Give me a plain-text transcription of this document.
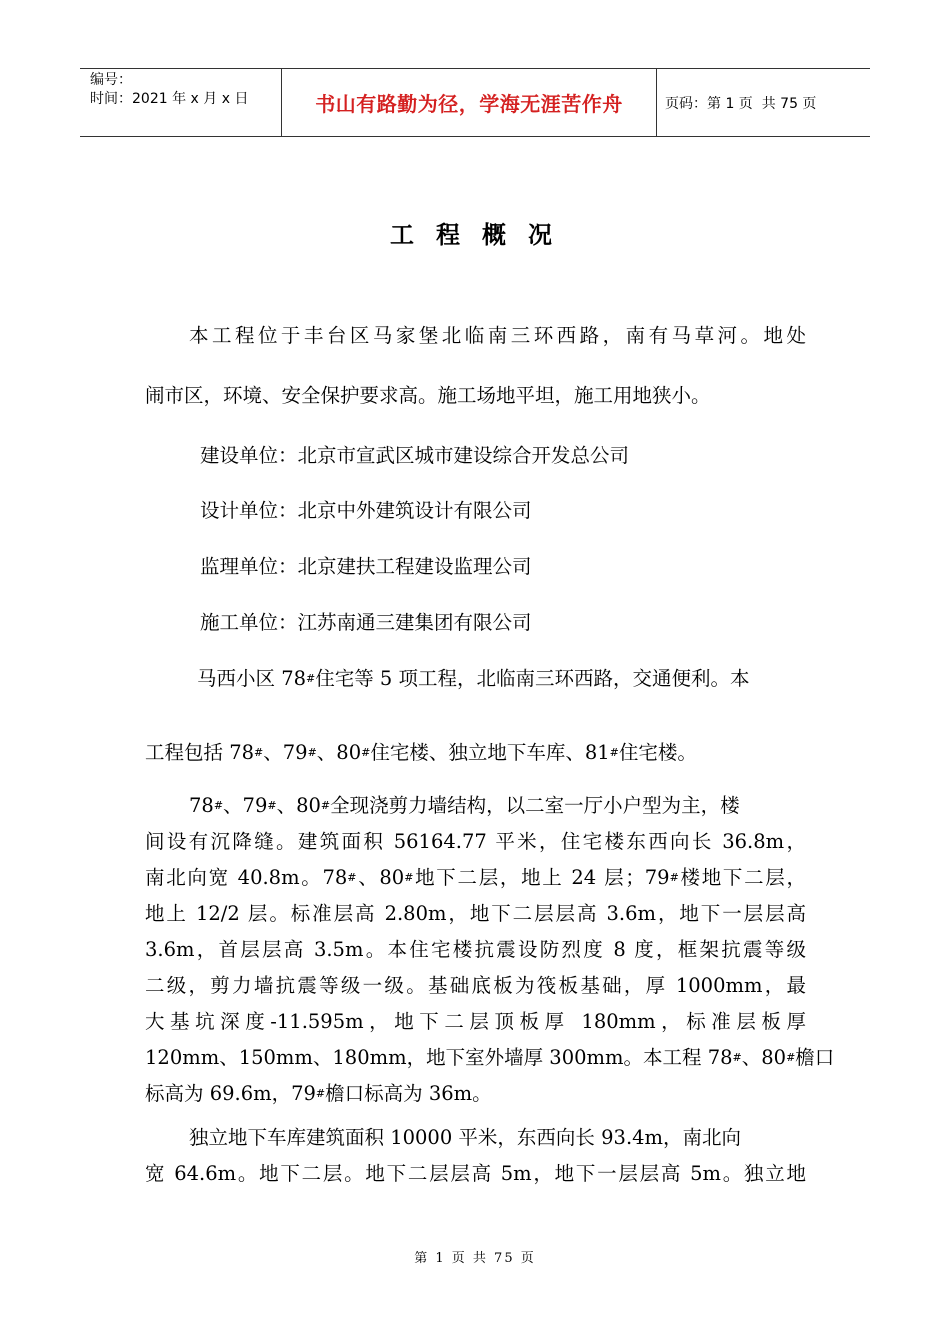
编号：
时间：2021 年 x 月 x 日	书山有路勤为径，学海无涯苦作舟	页码：第 1 页  共 75 页
工程概况
本工程位于丰台区马家堡北临南三环西路，南有马草河。地处
闹市区，环境、安全保护要求高。施工场地平坦，施工用地狭小。
建设单位：北京市宣武区城市建设综合开发总公司
设计单位：北京中外建筑设计有限公司
监理单位：北京建扶工程建设监理公司
施工单位：江苏南通三建集团有限公司
马西小区 78#住宅等 5 项工程，北临南三环西路，交通便利。本
工程包括 78#、79#、80#住宅楼、独立地下车库、81#住宅楼。
78#、79#、80#全现浇剪力墙结构，以二室一厅小户型为主，楼
间设有沉降缝。建筑面积 56164.77 平米，住宅楼东西向长 36.8m，
南北向宽 40.8m。78#、80#地下二层，地上 24 层；79#楼地下二层，
地上 12/2 层。标准层高 2.80m，地下二层层高 3.6m，地下一层层高
3.6m，首层层高 3.5m。本住宅楼抗震设防烈度 8 度，框架抗震等级
二级，剪力墙抗震等级一级。基础底板为筏板基础，厚 1000mm，最
大基坑深度-11.595m，地下二层顶板厚 180mm，标准层板厚
120mm、150mm、180mm，地下室外墙厚 300mm。本工程 78#、80#檐口
标高为 69.6m，79#檐口标高为 36m。
独立地下车库建筑面积 10000 平米，东西向长 93.4m，南北向
宽 64.6m。地下二层。地下二层层高 5m，地下一层层高 5m。独立地
第 1 页 共 75 页
